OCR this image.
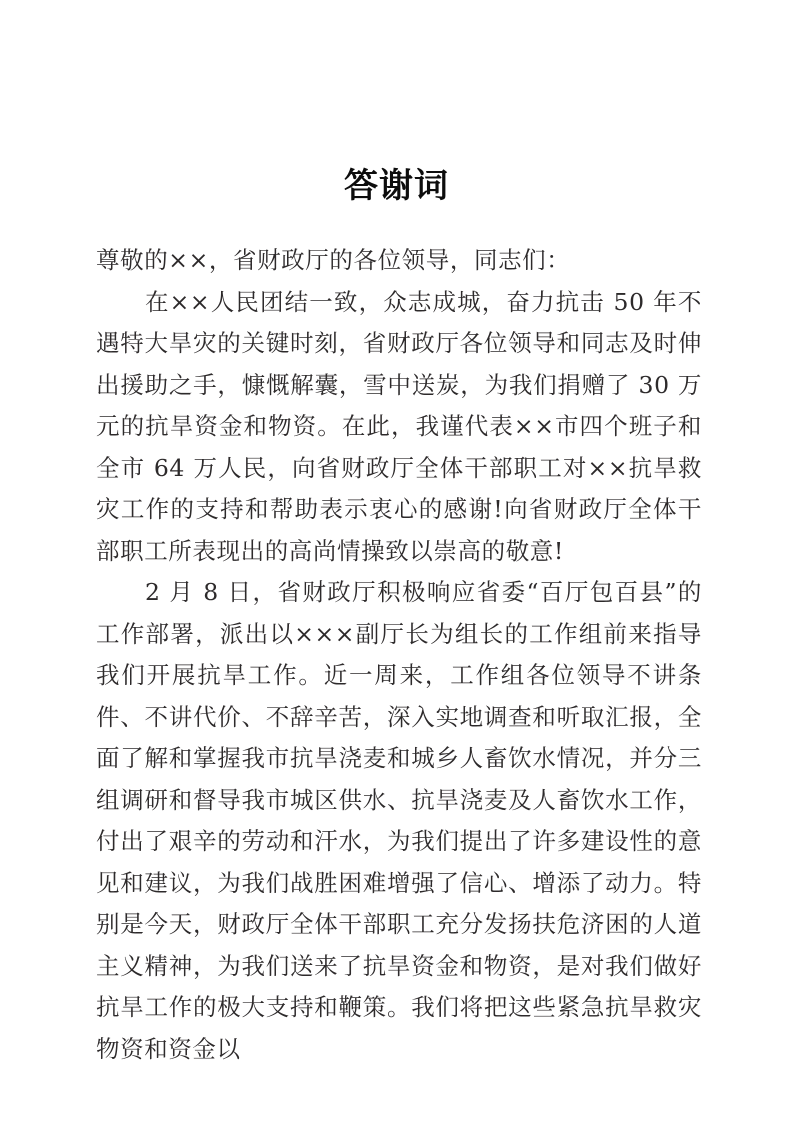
答谢词

尊敬的××，省财政厅的各位领导，同志们：

在××人民团结一致，众志成城，奋力抗击 50 年不遇特大旱灾的关键时刻，省财政厅各位领导和同志及时伸出援助之手，慷慨解囊，雪中送炭，为我们捐赠了 30 万元的抗旱资金和物资。在此，我谨代表××市四个班子和全市 64 万人民，向省财政厅全体干部职工对××抗旱救灾工作的支持和帮助表示衷心的感谢!向省财政厅全体干部职工所表现出的高尚情操致以崇高的敬意!

2 月 8 日，省财政厅积极响应省委“百厅包百县”的工作部署，派出以×××副厅长为组长的工作组前来指导我们开展抗旱工作。近一周来，工作组各位领导不讲条件、不讲代价、不辞辛苦，深入实地调查和听取汇报，全面了解和掌握我市抗旱浇麦和城乡人畜饮水情况，并分三组调研和督导我市城区供水、抗旱浇麦及人畜饮水工作，付出了艰辛的劳动和汗水，为我们提出了许多建设性的意见和建议，为我们战胜困难增强了信心、增添了动力。特别是今天，财政厅全体干部职工充分发扬扶危济困的人道主义精神，为我们送来了抗旱资金和物资，是对我们做好抗旱工作的极大支持和鞭策。我们将把这些紧急抗旱救灾物资和资金以
